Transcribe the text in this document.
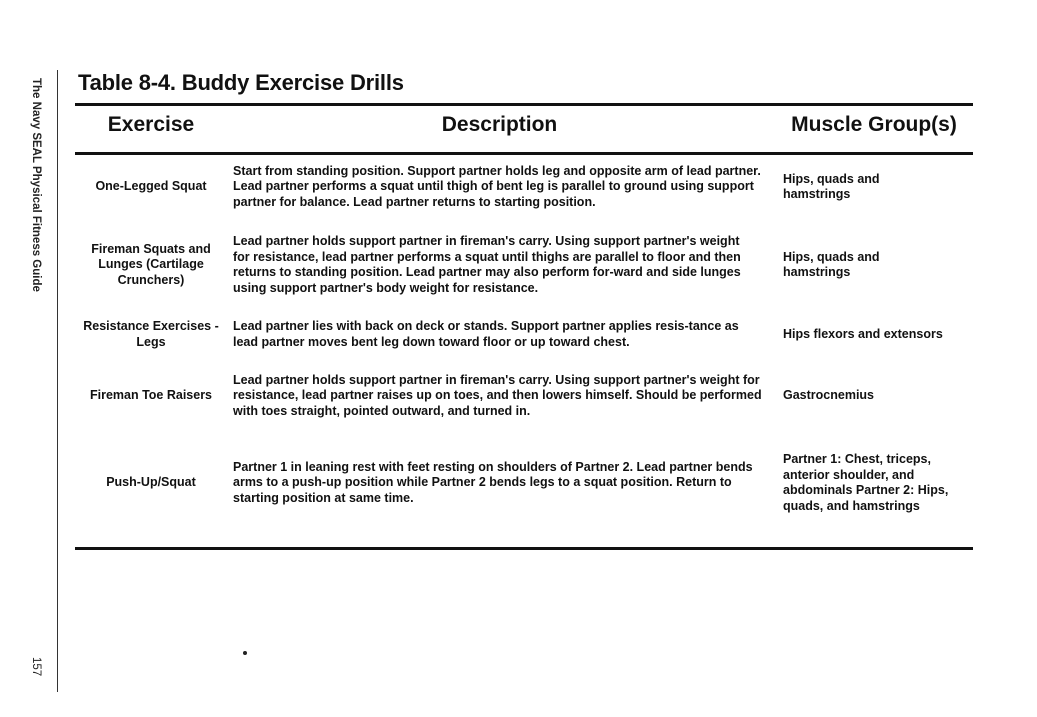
The Navy SEAL Physical Fitness Guide
157
Table 8-4. Buddy Exercise Drills
Exercise	Description	Muscle Group(s)
One-Legged Squat
Start from standing position. Support partner holds leg and opposite arm of lead partner. Lead partner performs a squat until thigh of bent leg is parallel to ground using support partner for balance. Lead partner returns to starting position.
Hips, quads and hamstrings
Fireman Squats and Lunges (Cartilage Crunchers)
Lead partner holds support partner in fireman's carry. Using support partner's weight for resistance, lead partner performs a squat until thighs are parallel to floor and then returns to standing position. Lead partner may also perform for-ward and side lunges using support partner's body weight for resistance.
Hips, quads and hamstrings
Resistance Exercises - Legs
Lead partner lies with back on deck or stands. Support partner applies resis-tance as lead partner moves bent leg down toward floor or up toward chest.
Hips flexors and extensors
Fireman Toe Raisers
Lead partner holds support partner in fireman's carry. Using support partner's weight for resistance, lead partner raises up on toes, and then lowers himself. Should be performed with toes straight, pointed outward, and turned in.
Gastrocnemius
Push-Up/Squat
Partner 1 in leaning rest with feet resting on shoulders of Partner 2. Lead partner bends arms to a push-up position while Partner 2 bends legs to a squat position. Return to starting position at same time.
Partner 1: Chest, triceps, anterior shoulder, and abdominals Partner 2: Hips, quads, and hamstrings
